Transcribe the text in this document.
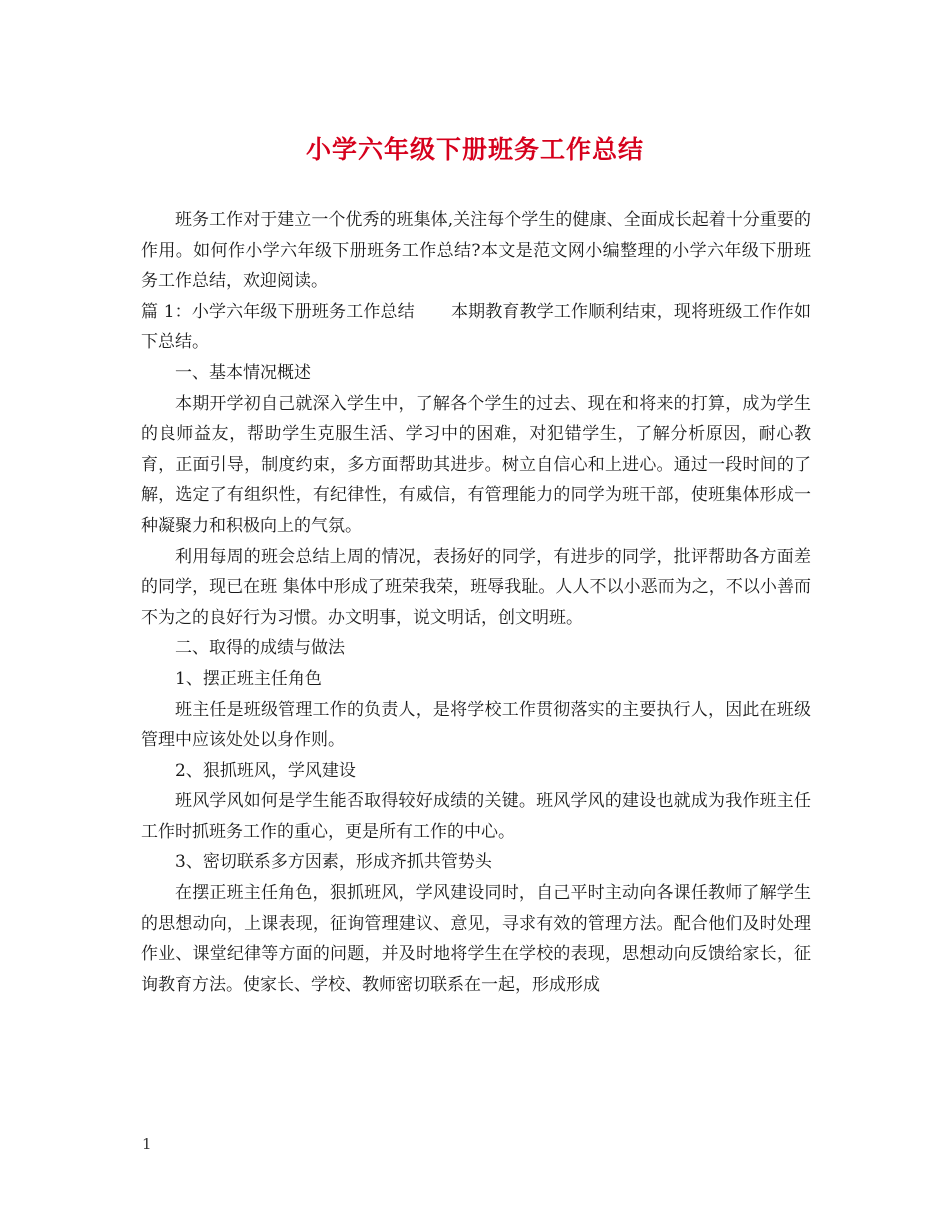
小学六年级下册班务工作总结

班务工作对于建立一个优秀的班集体,关注每个学生的健康、全面成长起着十分重要的作用。如何作小学六年级下册班务工作总结?本文是范文网小编整理的小学六年级下册班务工作总结，欢迎阅读。

篇 1：小学六年级下册班务工作总结 本期教育教学工作顺利结束，现将班级工作作如下总结。

一、基本情况概述

本期开学初自己就深入学生中，了解各个学生的过去、现在和将来的打算，成为学生的良师益友，帮助学生克服生活、学习中的困难，对犯错学生，了解分析原因，耐心教育，正面引导，制度约束，多方面帮助其进步。树立自信心和上进心。通过一段时间的了解，选定了有组织性，有纪律性，有威信，有管理能力的同学为班干部，使班集体形成一种凝聚力和积极向上的气氛。

利用每周的班会总结上周的情况，表扬好的同学，有进步的同学，批评帮助各方面差的同学，现已在班 集体中形成了班荣我荣，班辱我耻。人人不以小恶而为之，不以小善而不为之的良好行为习惯。办文明事，说文明话，创文明班。

二、取得的成绩与做法

1、摆正班主任角色

班主任是班级管理工作的负责人，是将学校工作贯彻落实的主要执行人，因此在班级管理中应该处处以身作则。

2、狠抓班风，学风建设

班风学风如何是学生能否取得较好成绩的关键。班风学风的建设也就成为我作班主任工作时抓班务工作的重心，更是所有工作的中心。

3、密切联系多方因素，形成齐抓共管势头

在摆正班主任角色，狠抓班风，学风建设同时，自己平时主动向各课任教师了解学生的思想动向，上课表现，征询管理建议、意见，寻求有效的管理方法。配合他们及时处理作业、课堂纪律等方面的问题，并及时地将学生在学校的表现，思想动向反馈给家长，征询教育方法。使家长、学校、教师密切联系在一起，形成形成

1
